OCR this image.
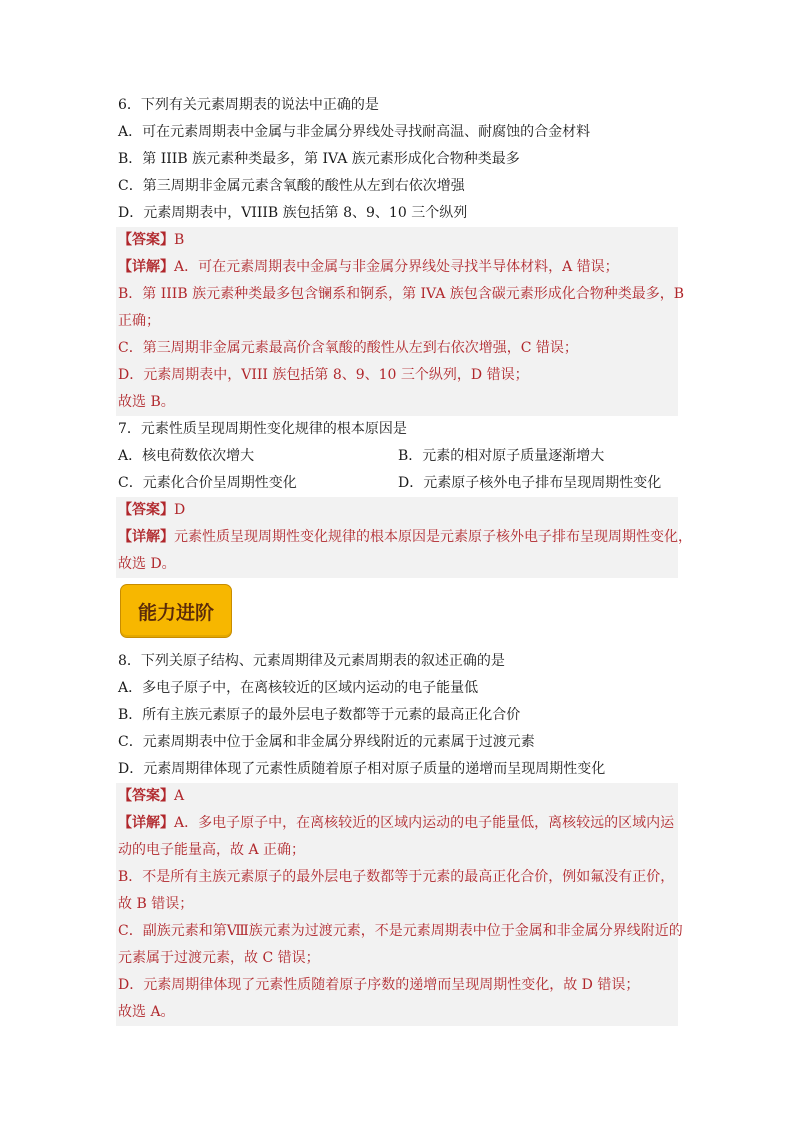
6．下列有关元素周期表的说法中正确的是
A．可在元素周期表中金属与非金属分界线处寻找耐高温、耐腐蚀的合金材料
B．第 IIIB 族元素种类最多，第 IVA 族元素形成化合物种类最多
C．第三周期非金属元素含氧酸的酸性从左到右依次增强
D．元素周期表中，VIIIB 族包括第 8、9、10 三个纵列
【答案】B
【详解】A．可在元素周期表中金属与非金属分界线处寻找半导体材料，A 错误；
B．第 IIIB 族元素种类最多包含镧系和锕系，第 IVA 族包含碳元素形成化合物种类最多，B
正确；
C．第三周期非金属元素最高价含氧酸的酸性从左到右依次增强，C 错误；
D．元素周期表中，VIII 族包括第 8、9、10 三个纵列，D 错误；
故选 B。
7．元素性质呈现周期性变化规律的根本原因是
A．核电荷数依次增大	B．元素的相对原子质量逐渐增大
C．元素化合价呈周期性变化	D．元素原子核外电子排布呈现周期性变化
【答案】D
【详解】元素性质呈现周期性变化规律的根本原因是元素原子核外电子排布呈现周期性变化，
故选 D。
能力进阶
8．下列关原子结构、元素周期律及元素周期表的叙述正确的是
A．多电子原子中，在离核较近的区域内运动的电子能量低
B．所有主族元素原子的最外层电子数都等于元素的最高正化合价
C．元素周期表中位于金属和非金属分界线附近的元素属于过渡元素
D．元素周期律体现了元素性质随着原子相对原子质量的递增而呈现周期性变化
【答案】A
【详解】A．多电子原子中，在离核较近的区域内运动的电子能量低，离核较远的区域内运
动的电子能量高，故 A 正确；
B．不是所有主族元素原子的最外层电子数都等于元素的最高正化合价，例如氟没有正价，
故 B 错误；
C．副族元素和第Ⅷ族元素为过渡元素，不是元素周期表中位于金属和非金属分界线附近的
元素属于过渡元素，故 C 错误；
D．元素周期律体现了元素性质随着原子序数的递增而呈现周期性变化，故 D 错误；
故选 A。
